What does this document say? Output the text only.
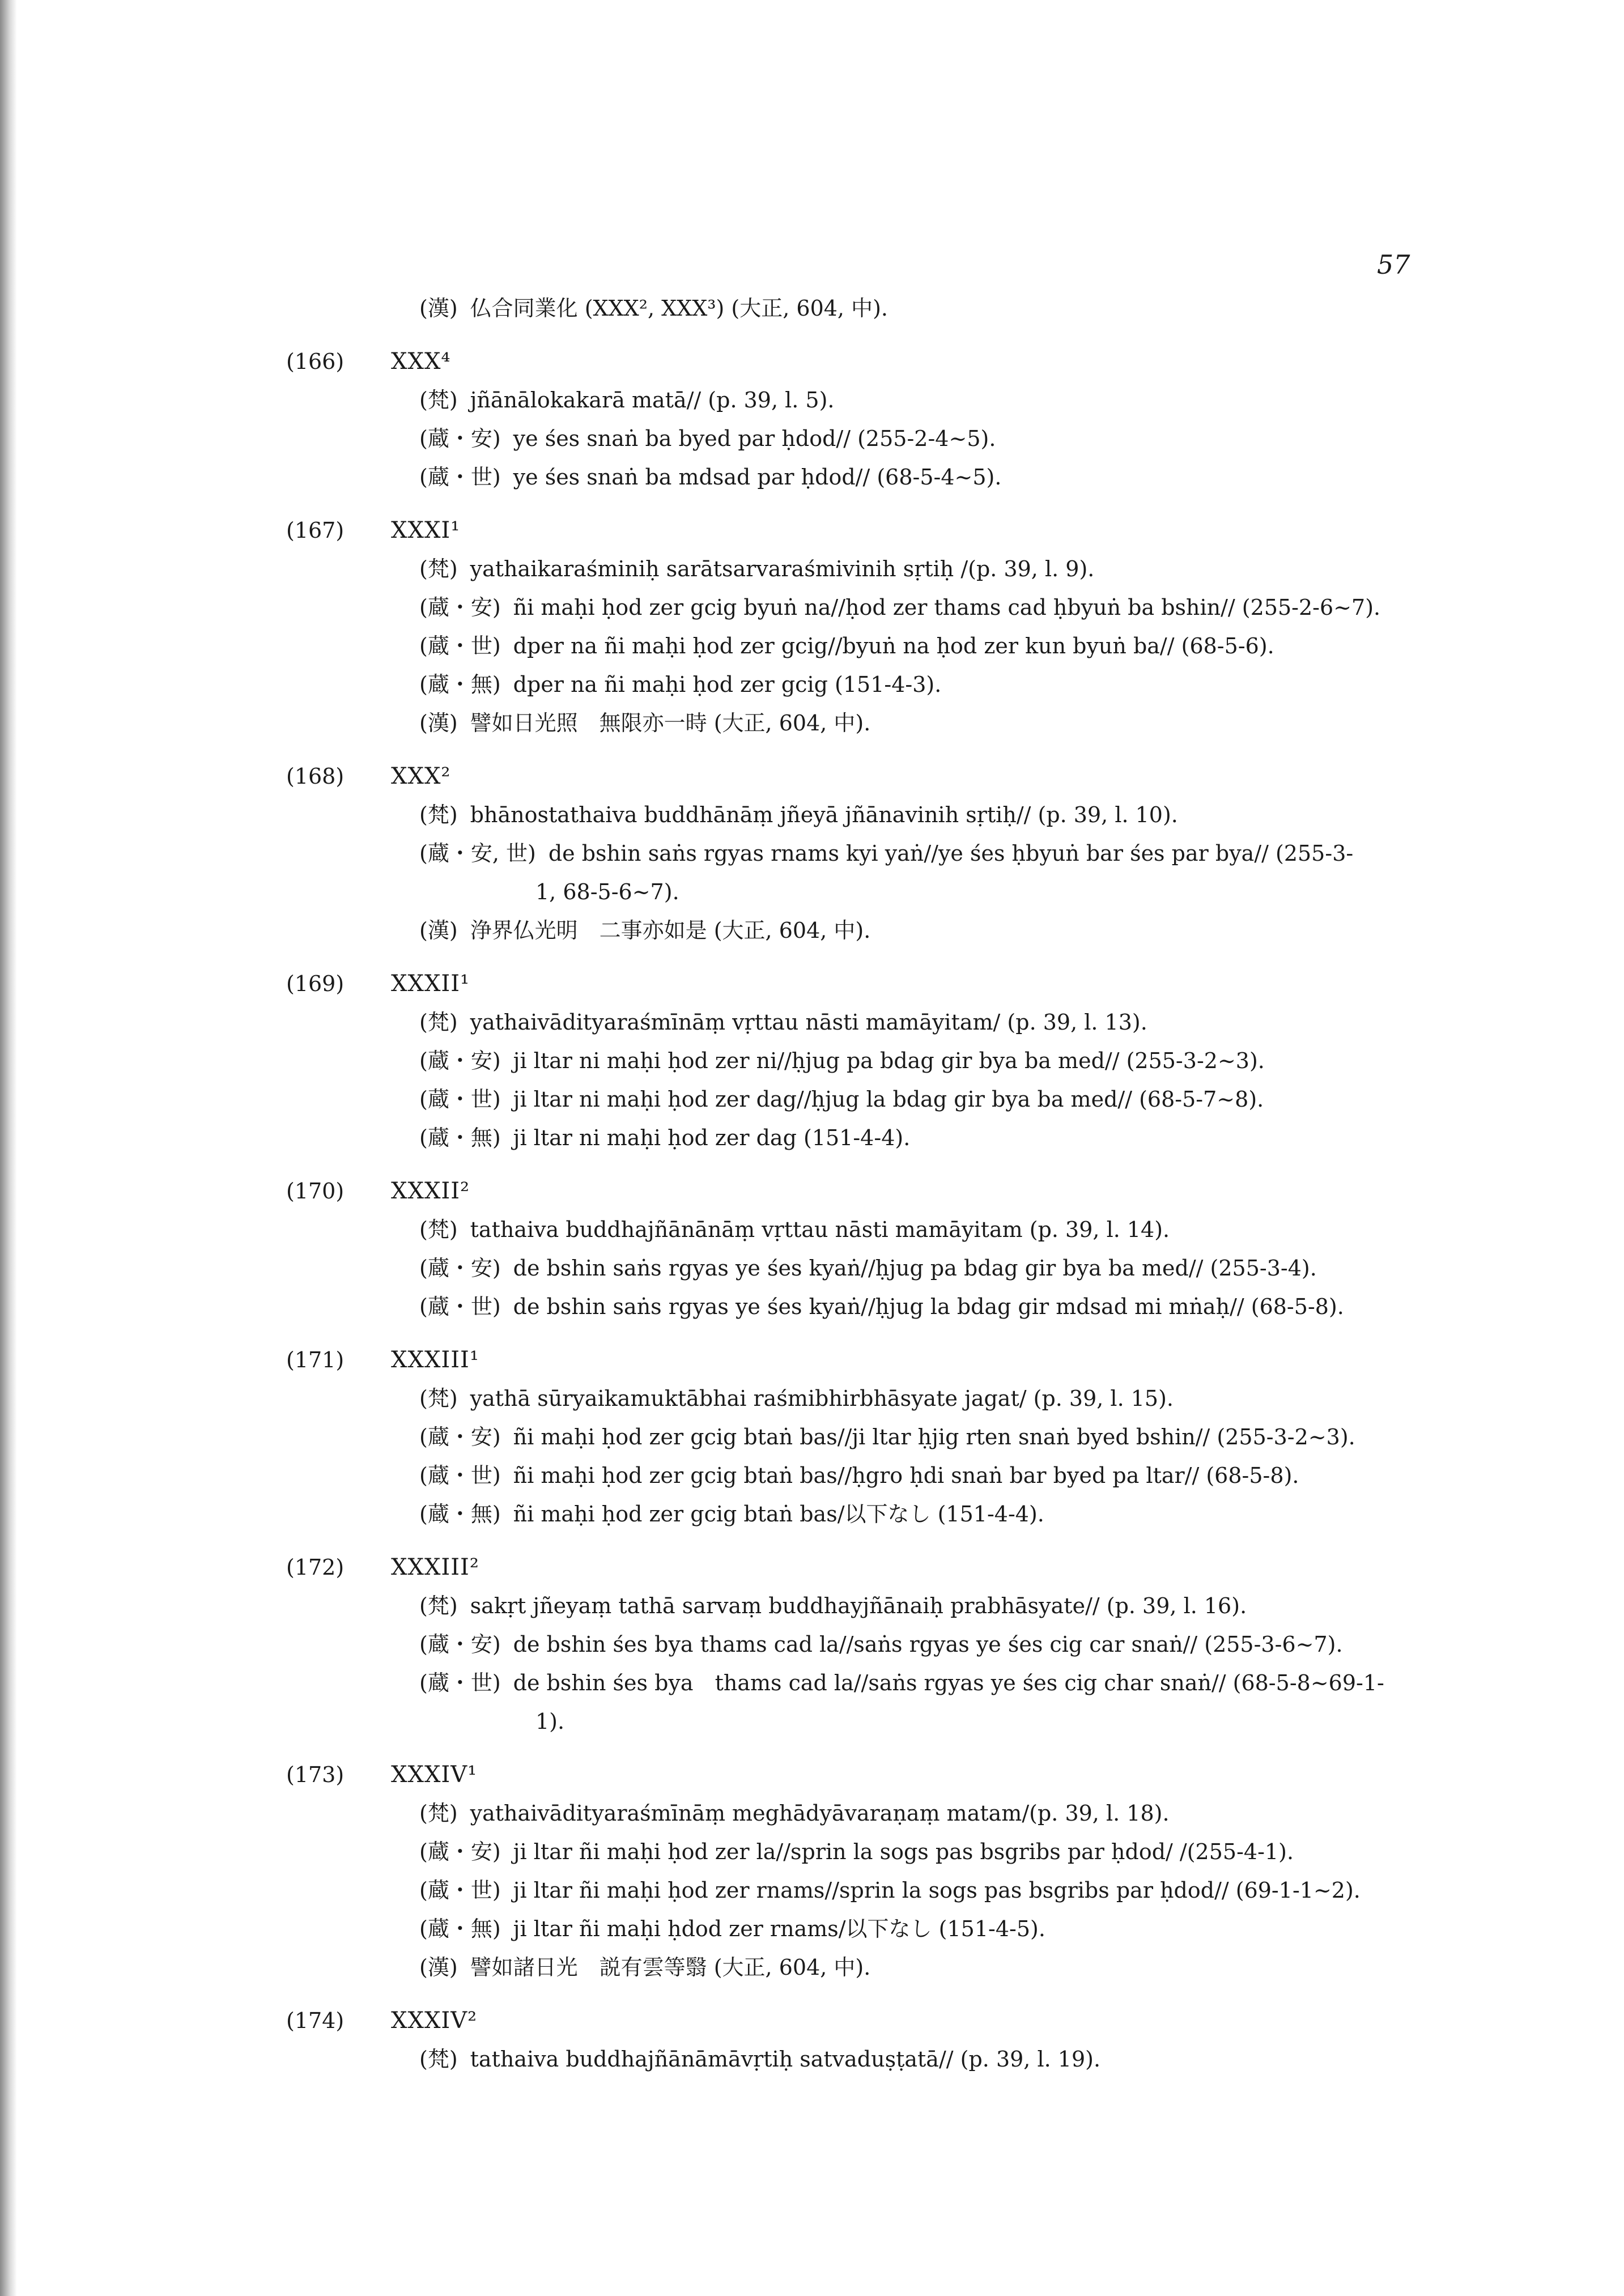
57
(漢) 仏合同業化 (XXX², XXX³) (大正, 604, 中).
(166) XXX⁴
(梵) jñānālokakarā matā// (p. 39, l. 5).
(蔵・安) ye śes snaṅ ba byed par ḥdod// (255-2-4~5).
(蔵・世) ye śes snaṅ ba mdsad par ḥdod// (68-5-4~5).
(167) XXXI¹
(梵) yathaikaraśminiḥ sarātsarvaraśmivinih sṛtiḥ /(p. 39, l. 9).
(蔵・安) ñi maḥi ḥod zer gcig byuṅ na//ḥod zer thams cad ḥbyuṅ ba bshin// (255-2-6~7).
(蔵・世) dper na ñi maḥi ḥod zer gcig//byuṅ na ḥod zer kun byuṅ ba// (68-5-6).
(蔵・無) dper na ñi maḥi ḥod zer gcig (151-4-3).
(漢) 譬如日光照　無限亦一時 (大正, 604, 中).
(168) XXX²
(梵) bhānostathaiva buddhānāṃ jñeyā jñānavinih sṛtiḥ// (p. 39, l. 10).
(蔵・安, 世) de bshin saṅs rgyas rnams kyi yaṅ//ye śes ḥbyuṅ bar śes par bya// (255-3-
1, 68-5-6~7).
(漢) 浄界仏光明　二事亦如是 (大正, 604, 中).
(169) XXXII¹
(梵) yathaivādityaraśmīnāṃ vṛttau nāsti mamāyitam/ (p. 39, l. 13).
(蔵・安) ji ltar ni maḥi ḥod zer ni//ḥjug pa bdag gir bya ba med// (255-3-2~3).
(蔵・世) ji ltar ni maḥi ḥod zer dag//ḥjug la bdag gir bya ba med// (68-5-7~8).
(蔵・無) ji ltar ni maḥi ḥod zer dag (151-4-4).
(170) XXXII²
(梵) tathaiva buddhajñānānāṃ vṛttau nāsti mamāyitam (p. 39, l. 14).
(蔵・安) de bshin saṅs rgyas ye śes kyaṅ//ḥjug pa bdag gir bya ba med// (255-3-4).
(蔵・世) de bshin saṅs rgyas ye śes kyaṅ//ḥjug la bdag gir mdsad mi mṅaḥ// (68-5-8).
(171) XXXIII¹
(梵) yathā sūryaikamuktābhai raśmibhirbhāsyate jagat/ (p. 39, l. 15).
(蔵・安) ñi maḥi ḥod zer gcig btaṅ bas//ji ltar ḥjig rten snaṅ byed bshin// (255-3-2~3).
(蔵・世) ñi maḥi ḥod zer gcig btaṅ bas//ḥgro ḥdi snaṅ bar byed pa ltar// (68-5-8).
(蔵・無) ñi maḥi ḥod zer gcig btaṅ bas/以下なし (151-4-4).
(172) XXXIII²
(梵) sakṛt jñeyaṃ tathā sarvaṃ buddhayjñānaiḥ prabhāsyate// (p. 39, l. 16).
(蔵・安) de bshin śes bya thams cad la//saṅs rgyas ye śes cig car snaṅ// (255-3-6~7).
(蔵・世) de bshin śes bya　thams cad la//saṅs rgyas ye śes cig char snaṅ// (68-5-8~69-1-
1).
(173) XXXIV¹
(梵) yathaivādityaraśmīnāṃ meghādyāvaraṇaṃ matam/(p. 39, l. 18).
(蔵・安) ji ltar ñi maḥi ḥod zer la//sprin la sogs pas bsgribs par ḥdod/ /(255-4-1).
(蔵・世) ji ltar ñi maḥi ḥod zer rnams//sprin la sogs pas bsgribs par ḥdod// (69-1-1~2).
(蔵・無) ji ltar ñi maḥi ḥdod zer rnams/以下なし (151-4-5).
(漢) 譬如諸日光　説有雲等翳 (大正, 604, 中).
(174) XXXIV²
(梵) tathaiva buddhajñānāmāvṛtiḥ satvaduṣṭatā// (p. 39, l. 19).
